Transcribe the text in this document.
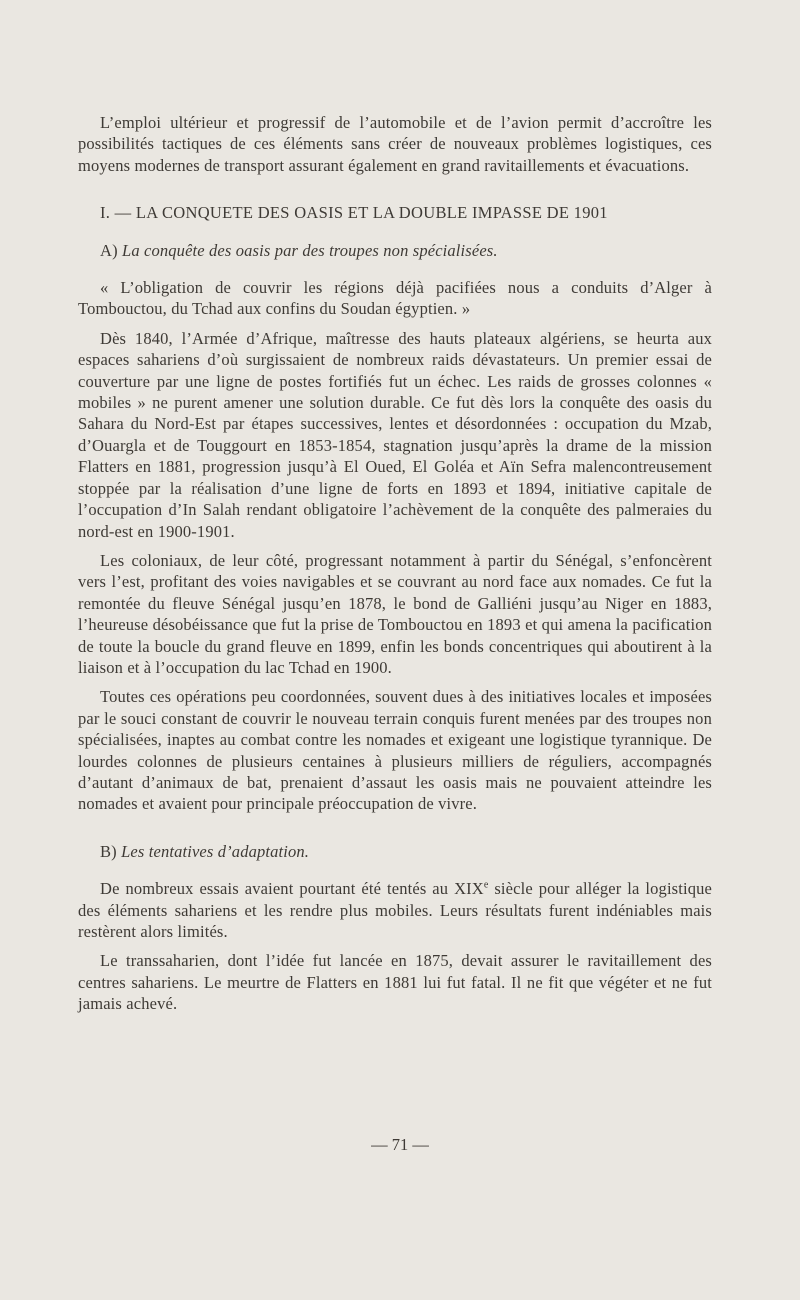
L’emploi ultérieur et progressif de l’automobile et de l’avion permit d’accroître les possibilités tactiques de ces éléments sans créer de nouveaux problèmes logistiques, ces moyens modernes de transport assurant également en grand ravitaillements et évacuations.

I. — LA CONQUETE DES OASIS ET LA DOUBLE IMPASSE DE 1901

A) La conquête des oasis par des troupes non spécialisées.

« L’obligation de couvrir les régions déjà pacifiées nous a conduits d’Alger à Tombouctou, du Tchad aux confins du Soudan égyptien. »

Dès 1840, l’Armée d’Afrique, maîtresse des hauts plateaux algériens, se heurta aux espaces sahariens d’où surgissaient de nombreux raids dévastateurs. Un premier essai de couverture par une ligne de postes fortifiés fut un échec. Les raids de grosses colonnes « mobiles » ne purent amener une solution durable. Ce fut dès lors la conquête des oasis du Sahara du Nord-Est par étapes successives, lentes et désordonnées : occupation du Mzab, d’Ouargla et de Touggourt en 1853-1854, stagnation jusqu’après la drame de la mission Flatters en 1881, progression jusqu’à El Oued, El Goléa et Aïn Sefra malencontreusement stoppée par la réalisation d’une ligne de forts en 1893 et 1894, initiative capitale de l’occupation d’In Salah rendant obligatoire l’achèvement de la conquête des palmeraies du nord-est en 1900-1901.

Les coloniaux, de leur côté, progressant notamment à partir du Sénégal, s’enfoncèrent vers l’est, profitant des voies navigables et se couvrant au nord face aux nomades. Ce fut la remontée du fleuve Sénégal jusqu’en 1878, le bond de Galliéni jusqu’au Niger en 1883, l’heureuse désobéissance que fut la prise de Tombouctou en 1893 et qui amena la pacification de toute la boucle du grand fleuve en 1899, enfin les bonds concentriques qui aboutirent à la liaison et à l’occupation du lac Tchad en 1900.

Toutes ces opérations peu coordonnées, souvent dues à des initiatives locales et imposées par le souci constant de couvrir le nouveau terrain conquis furent menées par des troupes non spécialisées, inaptes au combat contre les nomades et exigeant une logistique tyrannique. De lourdes colonnes de plusieurs centaines à plusieurs milliers de réguliers, accompagnés d’autant d’animaux de bat, prenaient d’assaut les oasis mais ne pouvaient atteindre les nomades et avaient pour principale préoccupation de vivre.

B) Les tentatives d’adaptation.

De nombreux essais avaient pourtant été tentés au XIXe siècle pour alléger la logistique des éléments sahariens et les rendre plus mobiles. Leurs résultats furent indéniables mais restèrent alors limités.

Le transsaharien, dont l’idée fut lancée en 1875, devait assurer le ravitaillement des centres sahariens. Le meurtre de Flatters en 1881 lui fut fatal. Il ne fit que végéter et ne fut jamais achevé.

— 71 —
